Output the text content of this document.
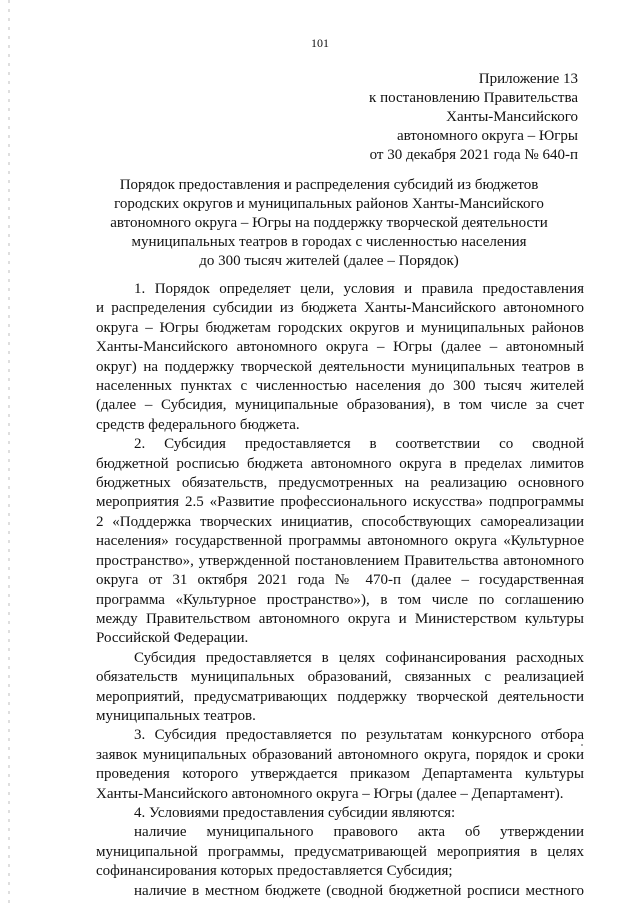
101
Приложение 13
к постановлению Правительства
Ханты-Мансийского
автономного округа – Югры
от 30 декабря 2021 года № 640-п
Порядок предоставления и распределения субсидий из бюджетов
городских округов и муниципальных районов Ханты-Мансийского
автономного округа – Югры на поддержку творческой деятельности
муниципальных театров в городах с численностью населения
до 300 тысяч жителей (далее – Порядок)

1. Порядок определяет цели, условия и правила предоставления
и распределения субсидии из бюджета Ханты-Мансийского автономного
округа – Югры бюджетам городских округов и муниципальных районов
Ханты-Мансийского автономного округа – Югры (далее – автономный
округ) на поддержку творческой деятельности муниципальных театров в
населенных пунктах с численностью населения до 300 тысяч жителей
(далее – Субсидия, муниципальные образования), в том числе за счет
средств федерального бюджета.

2. Субсидия предоставляется в соответствии со сводной
бюджетной росписью бюджета автономного округа в пределах лимитов
бюджетных обязательств, предусмотренных на реализацию основного
мероприятия 2.5 «Развитие профессионального искусства» подпрограммы
2 «Поддержка творческих инициатив, способствующих самореализации
населения» государственной программы автономного округа «Культурное
пространство», утвержденной постановлением Правительства автономного
округа от 31 октября 2021 года № 470-п (далее – государственная
программа «Культурное пространство»), в том числе по соглашению
между Правительством автономного округа и Министерством культуры
Российской Федерации.

Субсидия предоставляется в целях софинансирования расходных
обязательств муниципальных образований, связанных с реализацией
мероприятий, предусматривающих поддержку творческой деятельности
муниципальных театров.

3. Субсидия предоставляется по результатам конкурсного отбора
заявок муниципальных образований автономного округа, порядок и сроки
проведения которого утверждается приказом Департамента культуры
Ханты-Мансийского автономного округа – Югры (далее – Департамент).

4. Условиями предоставления субсидии являются:

наличие муниципального правового акта об утверждении
муниципальной программы, предусматривающей мероприятия в целях
софинансирования которых предоставляется Субсидия;

наличие в местном бюджете (сводной бюджетной росписи местного
